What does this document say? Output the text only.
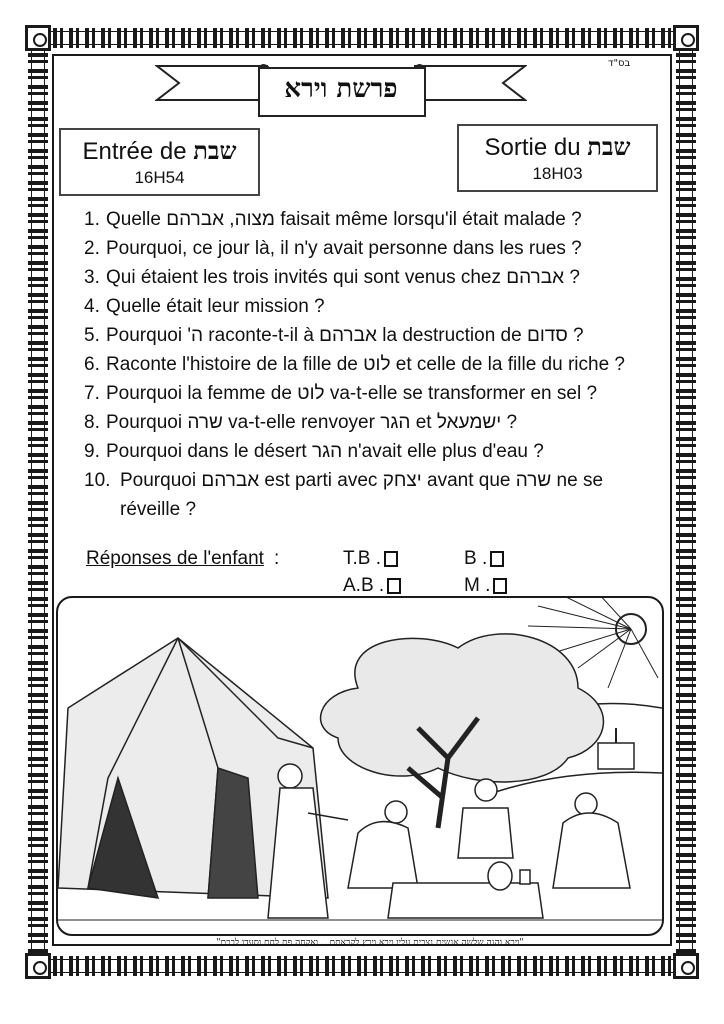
בס"ד
פרשת וירא
Entrée de שבת
16H54
Sortie du שבת
18H03
1. Quelle מצוה, אברהם faisait même lorsqu'il était malade ?
2. Pourquoi, ce jour là, il n'y avait personne dans les rues ?
3. Qui étaient les trois invités qui sont venus chez אברהם ?
4. Quelle était leur mission ?
5. Pourquoi 'ה raconte-t-il à אברהם la destruction de סדום ?
6. Raconte l'histoire de la fille de לוט et celle de la fille du riche ?
7. Pourquoi la femme de לוט va-t-elle se transformer en sel ?
8. Pourquoi שרה va-t-elle renvoyer הגר et ישמעאל ?
9. Pourquoi dans le désert הגר n'avait elle plus d'eau ?
10. Pourquoi אברהם est parti avec יצחק avant que שרה ne se réveille ?
Réponses de l'enfant :	T.B .	B .
A.B .	M .
"וירא והנה שלשה אנשים נצבים עליו וירא וירץ לקראתם... ואקחה פת לחם וסעדו לבכם"
